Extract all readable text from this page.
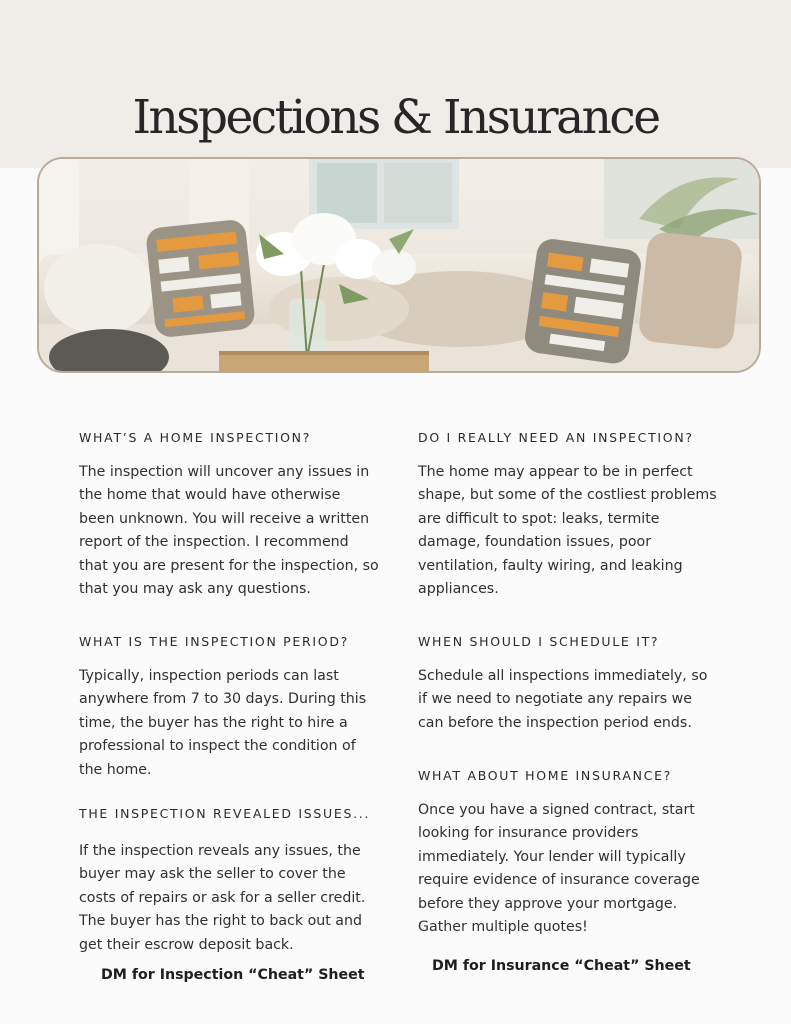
Inspections & Insurance
WHAT’S A HOME INSPECTION?

The inspection will uncover any issues in the home that would have otherwise been unknown. You will receive a written report of the inspection. I recommend that you are present for the inspection, so that you may ask any questions.

WHAT IS THE INSPECTION PERIOD?

Typically, inspection periods can last anywhere from 7 to 30 days. During this time, the buyer has the right to hire a professional to inspect the condition of the home.

THE INSPECTION REVEALED ISSUES...

If the inspection reveals any issues, the buyer may ask the seller to cover the costs of repairs or ask for a seller credit. The buyer has the right to back out and get their escrow deposit back.

DO I REALLY NEED AN INSPECTION?

The home may appear to be in perfect shape, but some of the costliest problems are difficult to spot: leaks, termite damage, foundation issues, poor ventilation, faulty wiring, and leaking appliances.

WHEN SHOULD I SCHEDULE IT?

Schedule all inspections immediately, so if we need to negotiate any repairs we can before the inspection period ends.

WHAT ABOUT HOME INSURANCE?

Once you have a signed contract, start looking for insurance providers immediately. Your lender will typically require evidence of insurance coverage before they approve your mortgage. Gather multiple quotes!

DM for Inspection “Cheat” Sheet
DM for Insurance “Cheat” Sheet
